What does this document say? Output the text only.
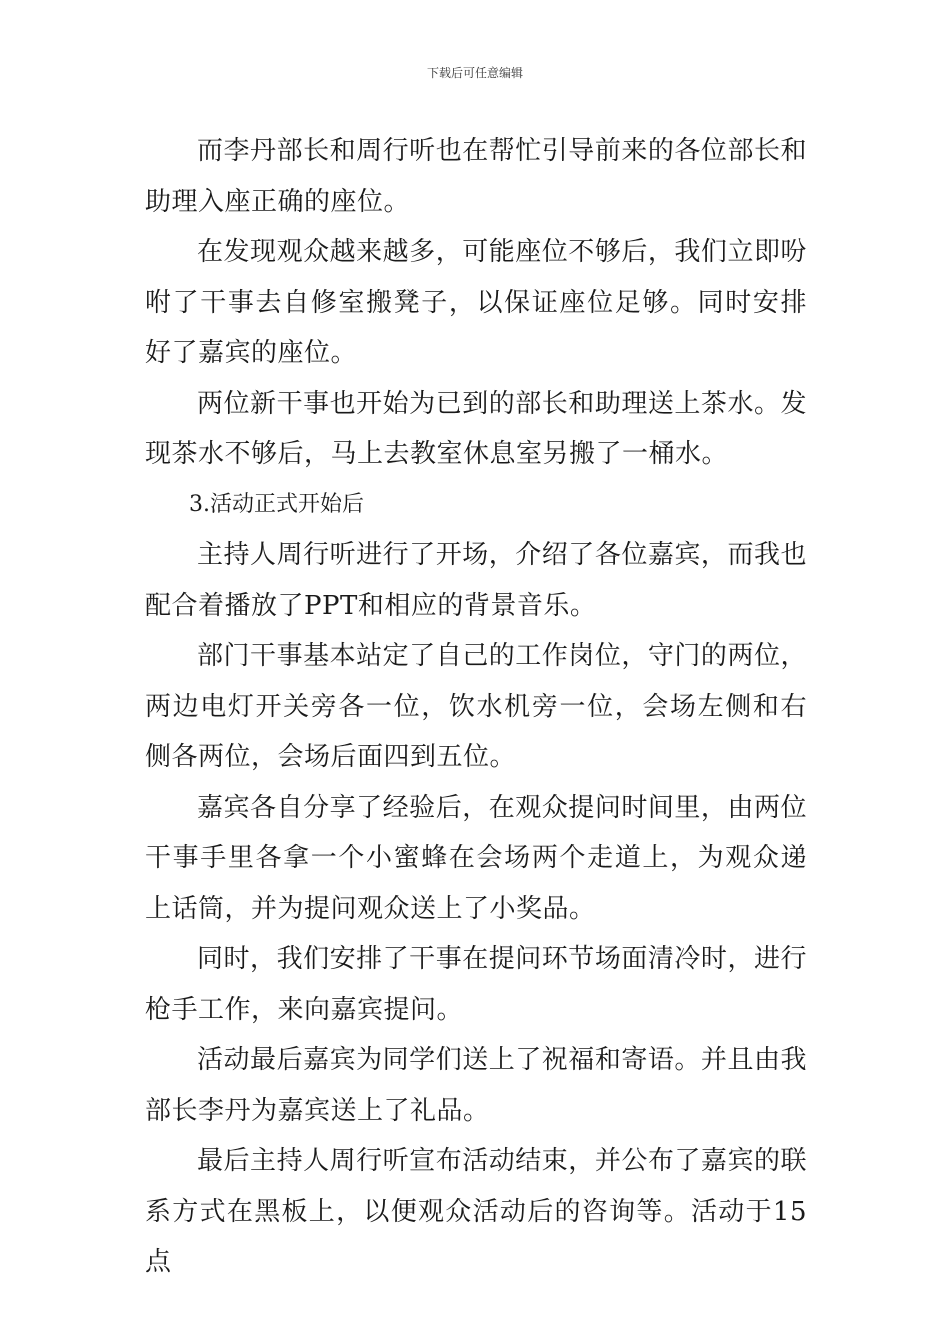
下载后可任意编辑

而李丹部长和周行听也在帮忙引导前来的各位部长和助理入座正确的座位。

在发现观众越来越多，可能座位不够后，我们立即吩咐了干事去自修室搬凳子，以保证座位足够。同时安排好了嘉宾的座位。

两位新干事也开始为已到的部长和助理送上茶水。发现茶水不够后，马上去教室休息室另搬了一桶水。

3.活动正式开始后

主持人周行听进行了开场，介绍了各位嘉宾，而我也配合着播放了PPT和相应的背景音乐。

部门干事基本站定了自己的工作岗位，守门的两位，两边电灯开关旁各一位，饮水机旁一位，会场左侧和右侧各两位，会场后面四到五位。

嘉宾各自分享了经验后，在观众提问时间里，由两位干事手里各拿一个小蜜蜂在会场两个走道上，为观众递上话筒，并为提问观众送上了小奖品。

同时，我们安排了干事在提问环节场面清冷时，进行枪手工作，来向嘉宾提问。

活动最后嘉宾为同学们送上了祝福和寄语。并且由我部长李丹为嘉宾送上了礼品。

最后主持人周行听宣布活动结束，并公布了嘉宾的联系方式在黑板上，以便观众活动后的咨询等。活动于15点
